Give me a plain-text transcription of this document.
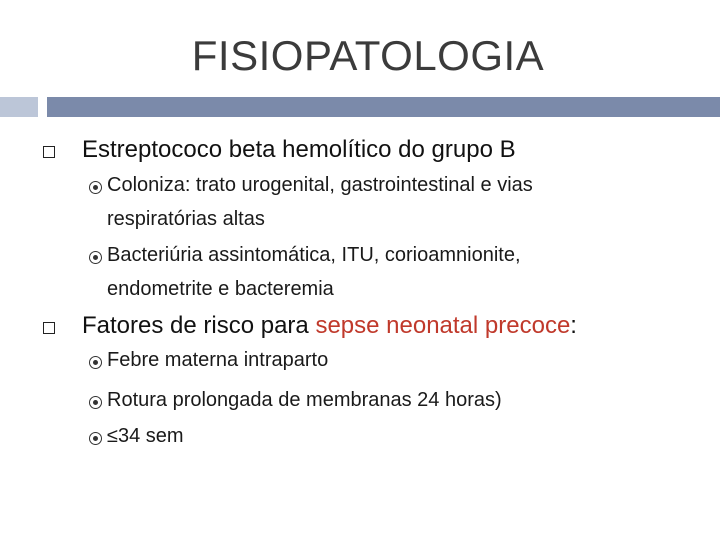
FISIOPATOLOGIA
Estreptococo beta hemolítico do grupo B
Coloniza: trato urogenital, gastrointestinal e vias
respiratórias altas
Bacteriúria assintomática, ITU, corioamnionite,
endometrite e bacteremia
Fatores de risco para sepse neonatal precoce:
Febre materna intraparto
Rotura prolongada de membranas 24 horas)
≤34 sem
